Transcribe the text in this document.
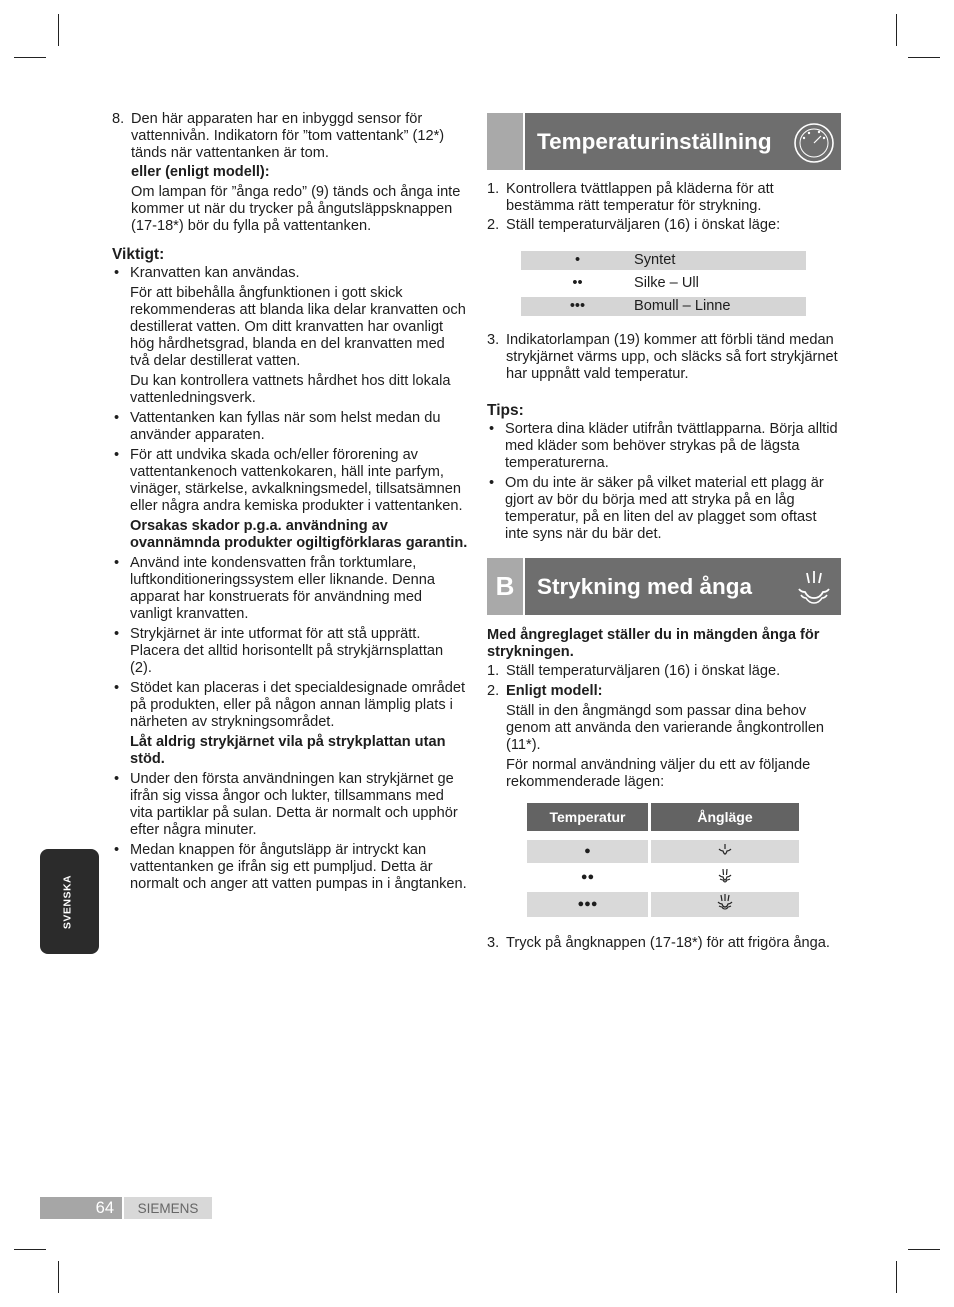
8. Den här apparaten har en inbyggd sensor för vattennivån. Indikatorn för ”tom vattentank” (12*) tänds när vattentanken är tom.

eller (enligt modell):

Om lampan för ”ånga redo” (9) tänds och ånga inte kommer ut när du trycker på ångutsläppsknappen (17-18*) bör du fylla på vattentanken.

Viktigt:

• Kranvatten kan användas.

För att bibehålla ångfunktionen i gott skick rekommenderas att blanda lika delar kranvatten och destillerat vatten. Om ditt kranvatten har ovanligt hög hårdhetsgrad, blanda en del kranvatten med två delar destillerat vatten.

Du kan kontrollera vattnets hårdhet hos ditt lokala vattenledningsverk.

• Vattentanken kan fyllas när som helst medan du använder apparaten.

• För att undvika skada och/eller förorening av vattentankenoch vattenkokaren, häll inte parfym, vinäger, stärkelse, avkalkningsmedel, tillsatsämnen eller några andra kemiska produkter i vattentanken.

Orsakas skador p.g.a. användning av ovannämnda produkter ogiltigförklaras garantin.

• Använd inte kondensvatten från torktumlare, luftkonditioneringssystem eller liknande. Denna apparat har konstruerats för användning med vanligt kranvatten.

• Strykjärnet är inte utformat för att stå upprätt. Placera det alltid horisontellt på strykjärnsplattan (2).

• Stödet kan placeras i det specialdesignade området på produkten, eller på någon annan lämplig plats i närheten av strykningsområdet.

Låt aldrig strykjärnet vila på strykplattan utan stöd.

• Under den första användningen kan strykjärnet ge ifrån sig vissa ångor och lukter, tillsammans med vita partiklar på sulan. Detta är normalt och upphör efter några minuter.

• Medan knappen för ångutsläpp är intryckt kan vattentanken ge ifrån sig ett pumpljud. Detta är normalt och anger att vatten pumpas in i ångtanken.

Temperaturinställning
1. Kontrollera tvättlappen på kläderna för att bestämma rätt temperatur för strykning.

2. Ställ temperaturväljaren (16) i önskat läge:

•	Syntet
••	Silke – Ull
•••	Bomull – Linne
3. Indikatorlampan (19) kommer att förbli tänd medan strykjärnet värms upp, och släcks så fort strykjärnet har uppnått vald temperatur.

Tips:

• Sortera dina kläder utifrån tvättlapparna. Börja alltid med kläder som behöver strykas på de lägsta temperaturerna.

• Om du inte är säker på vilket material ett plagg är gjort av bör du börja med att stryka på en låg temperatur, på en liten del av plagget som oftast inte syns när du bär det.

B	Strykning med ånga

Med ångreglaget ställer du in mängden ånga för strykningen.

1. Ställ temperaturväljaren (16) i önskat läge.

2. Enligt modell:

Ställ in den ångmängd som passar dina behov genom att använda den varierande ångkontrollen (11*).

För normal användning väljer du ett av följande rekommenderade lägen:

Temperatur	Ångläge

●	
●●	
●●●	
3. Tryck på ångknappen (17-18*) för att frigöra ånga.

SVENSKA
64 SIEMENS
